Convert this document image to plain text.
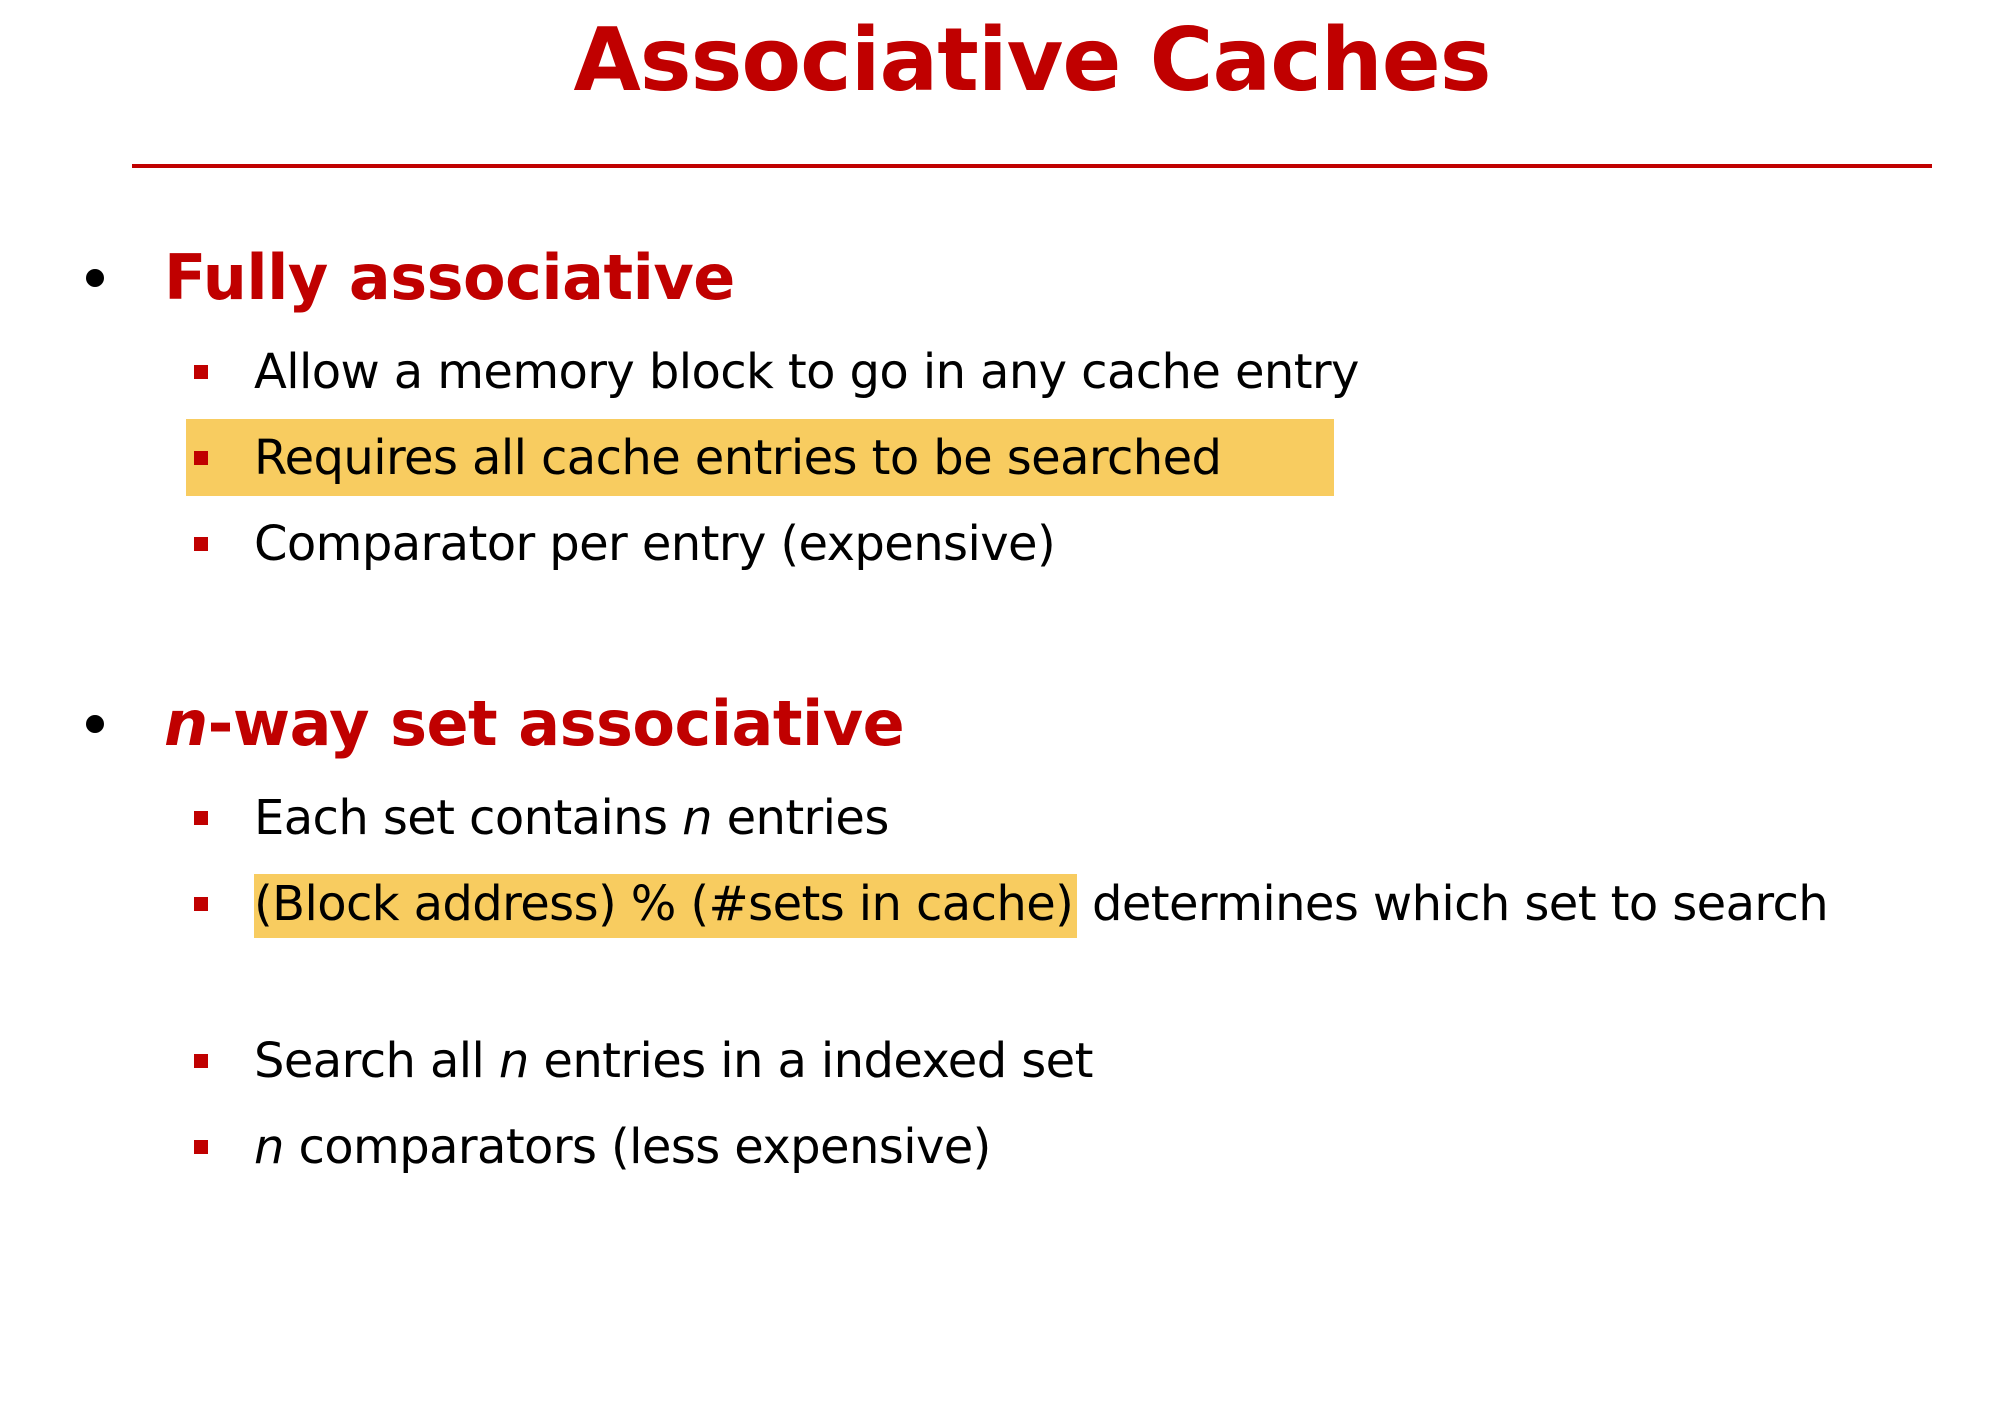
Associative Caches
Fully associative
Allow a memory block to go in any cache entry
Requires all cache entries to be searched
Comparator per entry (expensive)
n-way set associative
Each set contains n entries
(Block address) % (#sets in cache) determines which set to search
Search all n entries in a indexed set
n comparators (less expensive)
